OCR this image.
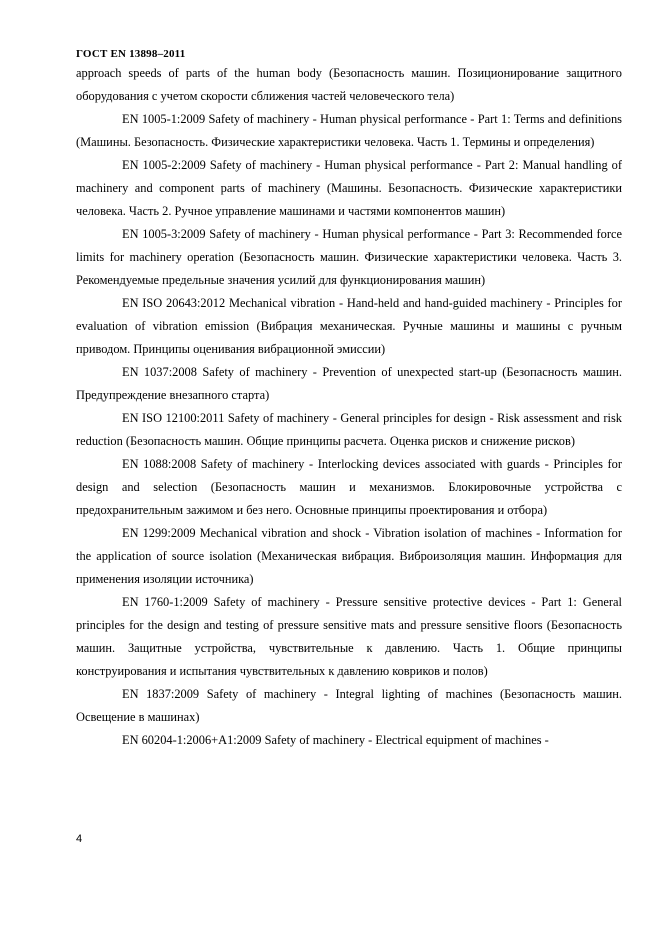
ГОСТ EN 13898–2011

approach speeds of parts of the human body (Безопасность машин. Позиционирование защитного оборудования с учетом скорости сближения частей человеческого тела)

EN 1005-1:2009 Safety of machinery - Human physical performance - Part 1: Terms and definitions (Машины. Безопасность. Физические характеристики человека. Часть 1. Термины и определения)

EN 1005-2:2009 Safety of machinery - Human physical performance - Part 2: Manual handling of machinery and component parts of machinery (Машины. Безопасность. Физические характеристики человека. Часть 2. Ручное управление машинами и частями компонентов машин)

EN 1005-3:2009 Safety of machinery - Human physical performance - Part 3: Recommended force limits for machinery operation (Безопасность машин. Физические характеристики человека. Часть 3. Рекомендуемые предельные значения усилий для функционирования машин)

EN ISO 20643:2012 Mechanical vibration - Hand-held and hand-guided machinery - Principles for evaluation of vibration emission (Вибрация механическая. Ручные машины и машины с ручным приводом. Принципы оценивания вибрационной эмиссии)

EN 1037:2008 Safety of machinery - Prevention of unexpected start-up (Безопасность машин. Предупреждение внезапного старта)

EN ISO 12100:2011 Safety of machinery - General principles for design - Risk assessment and risk reduction (Безопасность машин. Общие принципы расчета. Оценка рисков и снижение рисков)

EN 1088:2008 Safety of machinery - Interlocking devices associated with guards - Principles for design and selection (Безопасность машин и механизмов. Блокировочные устройства с предохранительным зажимом и без него. Основные принципы проектирования и отбора)

EN 1299:2009 Mechanical vibration and shock - Vibration isolation of machines - Information for the application of source isolation (Механическая вибрация. Виброизоляция машин. Информация для применения изоляции источника)

EN 1760-1:2009 Safety of machinery - Pressure sensitive protective devices - Part 1: General principles for the design and testing of pressure sensitive mats and pressure sensitive floors (Безопасность машин. Защитные устройства, чувствительные к давлению. Часть 1. Общие принципы конструирования и испытания чувствительных к давлению ковриков и полов)

EN 1837:2009 Safety of machinery - Integral lighting of machines (Безопасность машин. Освещение в машинах)

EN 60204-1:2006+A1:2009 Safety of machinery - Electrical equipment of machines -

4
